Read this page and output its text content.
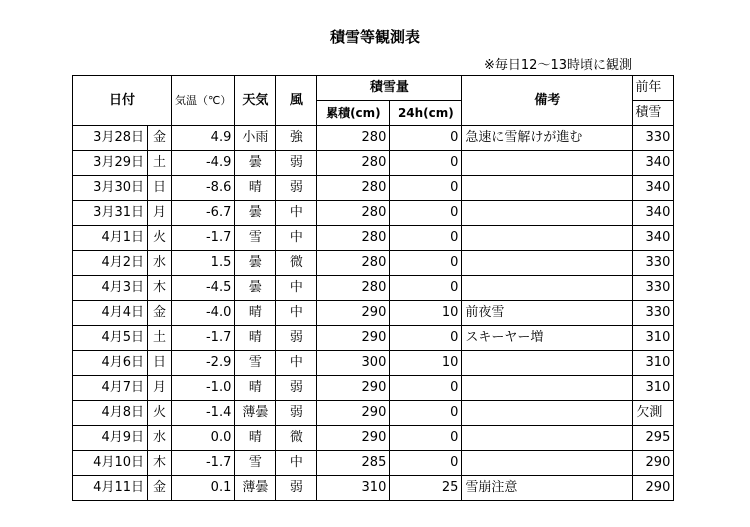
積雪等観測表
※毎日12～13時頃に観測
日付		気温（℃）	天気	風	積雪量		備考	前年
					累積(cm)	24h(cm)		積雪
3月28日	金	4.9	小雨	強	280	0	急速に雪解けが進む	330
3月29日	土	-4.9	曇	弱	280	0		340
3月30日	日	-8.6	晴	弱	280	0		340
3月31日	月	-6.7	曇	中	280	0		340
4月1日	火	-1.7	雪	中	280	0		340
4月2日	水	1.5	曇	微	280	0		330
4月3日	木	-4.5	曇	中	280	0		330
4月4日	金	-4.0	晴	中	290	10	前夜雪	330
4月5日	土	-1.7	晴	弱	290	0	スキーヤー増	310
4月6日	日	-2.9	雪	中	300	10		310
4月7日	月	-1.0	晴	弱	290	0		310
4月8日	火	-1.4	薄曇	弱	290	0		欠測
4月9日	水	0.0	晴	微	290	0		295
4月10日	木	-1.7	雪	中	285	0		290
4月11日	金	0.1	薄曇	弱	310	25	雪崩注意	290
